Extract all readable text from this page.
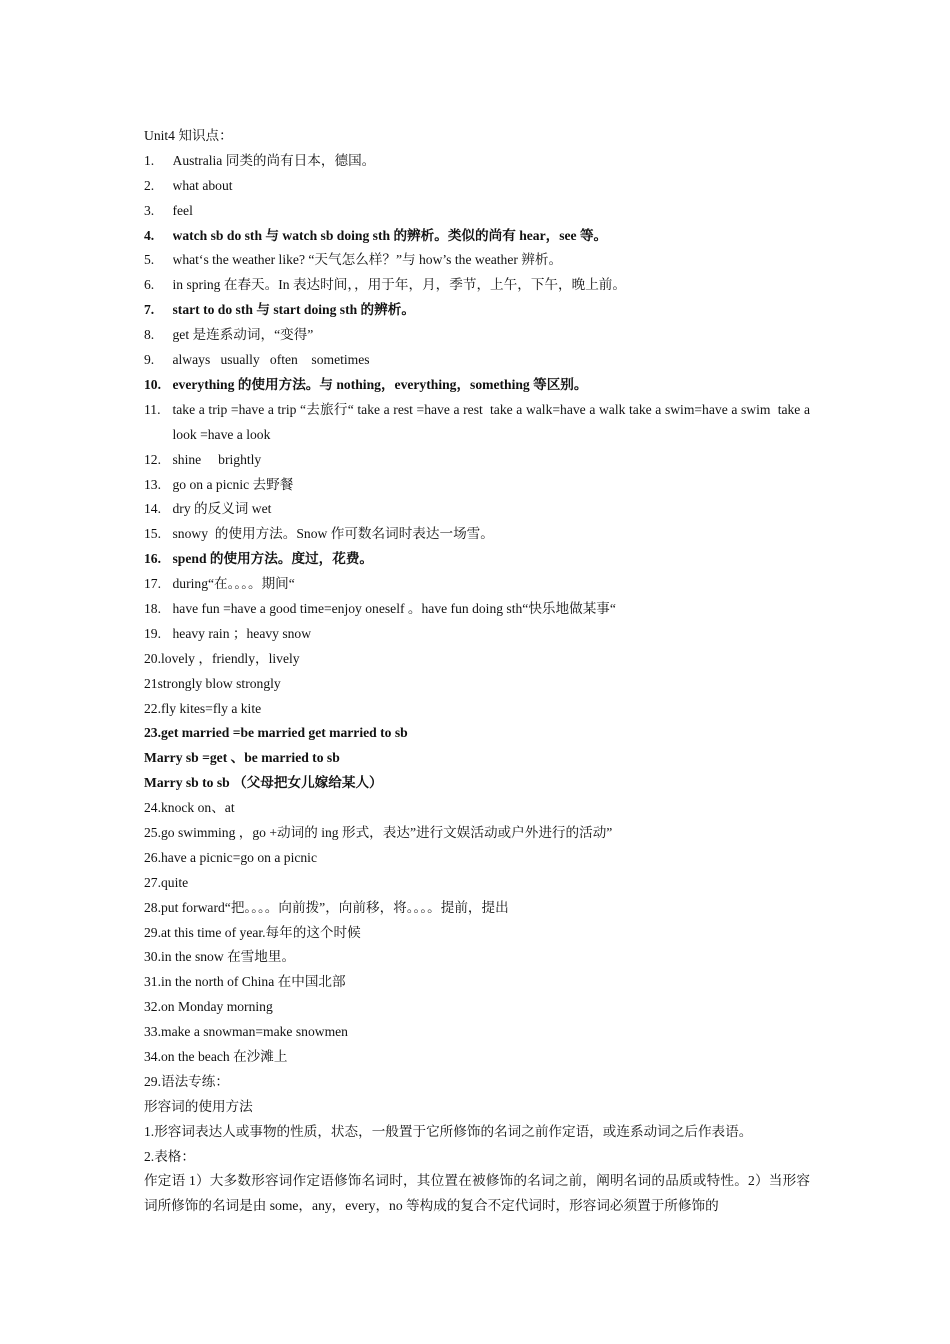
Unit4 知识点：
1.	Australia 同类的尚有日本，德国。
2.	what about
3.	feel
4.	watch sb do sth 与 watch sb doing sth 的辨析。类似的尚有 hear，see 等。
5.	what‘s the weather like? “天气怎么样？”与 how’s the weather 辨析。
6.	in spring 在春天。In 表达时间，，用于年，月，季节，上午，下午，晚上前。
7.	start to do sth 与 start doing sth 的辨析。
8.	get 是连系动词，“变得”
9.	always   usually   often    sometimes
10. everything 的使用方法。与 nothing，everything，something 等区别。
11. take a trip =have a trip “去旅行“ take a rest =have a rest  take a walk=have a walk take a swim=have a swim  take a look =have a look
12. shine     brightly
13. go on a picnic 去野餐
14. dry 的反义词 wet
15. snowy  的使用方法。Snow 作可数名词时表达一场雪。
16. spend 的使用方法。度过，花费。
17. during“在。。。。期间“
18. have fun =have a good time=enjoy oneself 。have fun doing sth“快乐地做某事“
19. heavy rain ；heavy snow
20.lovely ，friendly，lively
21strongly blow strongly
22.fly kites=fly a kite
23.get married =be married get married to sb
Marry sb =get 、be married to sb
Marry sb to sb （父母把女儿嫁给某人）
24.knock on、at
25.go swimming ，go +动词的 ing 形式，表达”进行文娱活动或户外进行的活动”
26.have a picnic=go on a picnic
27.quite
28.put forward“把。。。。向前拨”，向前移，将。。。。提前，提出
29.at this time of year.每年的这个时候
30.in the snow 在雪地里。
31.in the north of China 在中国北部
32.on Monday morning
33.make a snowman=make snowmen
34.on the beach 在沙滩上
29.语法专练：
形容词的使用方法
1.形容词表达人或事物的性质，状态，一般置于它所修饰的名词之前作定语，或连系动词之后作表语。
2.表格：
作定语 1）大多数形容词作定语修饰名词时，其位置在被修饰的名词之前，阐明名词的品质或特性。2）当形容词所修饰的名词是由 some，any，every，no 等构成的复合不定代词时，形容词必须置于所修饰的
